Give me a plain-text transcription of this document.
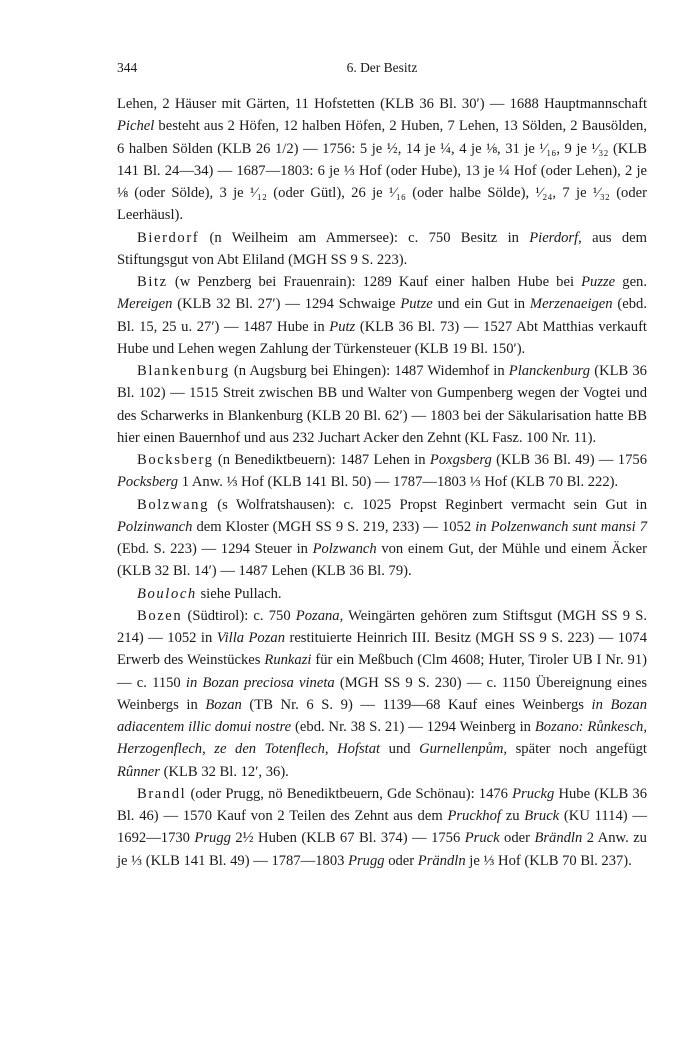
344	6. Der Besitz

Lehen, 2 Häuser mit Gärten, 11 Hofstetten (KLB 36 Bl. 30′) — 1688 Hauptmannschaft Pichel besteht aus 2 Höfen, 12 halben Höfen, 2 Huben, 7 Lehen, 13 Sölden, 2 Bausölden, 6 halben Sölden (KLB 26 1/2) — 1756: 5 je ½, 14 je ¼, 4 je ⅛, 31 je ¹⁄₁₆, 9 je ¹⁄₃₂ (KLB 141 Bl. 24—34) — 1687—1803: 6 je ⅓ Hof (oder Hube), 13 je ¼ Hof (oder Lehen), 2 je ⅛ (oder Sölde), 3 je ¹⁄₁₂ (oder Gütl), 26 je ¹⁄₁₆ (oder halbe Sölde), ¹⁄₂₄, 7 je ¹⁄₃₂ (oder Leerhäusl).

Bierdorf (n Weilheim am Ammersee): c. 750 Besitz in Pierdorf, aus dem Stiftungsgut von Abt Eliland (MGH SS 9 S. 223).

Bitz (w Penzberg bei Frauenrain): 1289 Kauf einer halben Hube bei Puzze gen. Mereigen (KLB 32 Bl. 27′) — 1294 Schwaige Putze und ein Gut in Merzenaeigen (ebd. Bl. 15, 25 u. 27′) — 1487 Hube in Putz (KLB 36 Bl. 73) — 1527 Abt Matthias verkauft Hube und Lehen wegen Zahlung der Türkensteuer (KLB 19 Bl. 150′).

Blankenburg (n Augsburg bei Ehingen): 1487 Widemhof in Planckenburg (KLB 36 Bl. 102) — 1515 Streit zwischen BB und Walter von Gumpenberg wegen der Vogtei und des Scharwerks in Blankenburg (KLB 20 Bl. 62′) — 1803 bei der Säkularisation hatte BB hier einen Bauernhof und aus 232 Juchart Acker den Zehnt (KL Fasz. 100 Nr. 11).

Bocksberg (n Benediktbeuern): 1487 Lehen in Poxgsberg (KLB 36 Bl. 49) — 1756 Pocksberg 1 Anw. ⅓ Hof (KLB 141 Bl. 50) — 1787—1803 ⅓ Hof (KLB 70 Bl. 222).

Bolzwang (s Wolfratshausen): c. 1025 Propst Reginbert vermacht sein Gut in Polzinwanch dem Kloster (MGH SS 9 S. 219, 233) — 1052 in Polzenwanch sunt mansi 7 (Ebd. S. 223) — 1294 Steuer in Polzwanch von einem Gut, der Mühle und einem Äcker (KLB 32 Bl. 14′) — 1487 Lehen (KLB 36 Bl. 79).

Bouloch siehe Pullach.

Bozen (Südtirol): c. 750 Pozana, Weingärten gehören zum Stiftsgut (MGH SS 9 S. 214) — 1052 in Villa Pozan restituierte Heinrich III. Besitz (MGH SS 9 S. 223) — 1074 Erwerb des Weinstückes Runkazi für ein Meßbuch (Clm 4608; Huter, Tiroler UB I Nr. 91) — c. 1150 in Bozan preciosa vineta (MGH SS 9 S. 230) — c. 1150 Übereignung eines Weinbergs in Bozan (TB Nr. 6 S. 9) — 1139—68 Kauf eines Weinbergs in Bozan adiacentem illic domui nostre (ebd. Nr. 38 S. 21) — 1294 Weinberg in Bozano: Růnkesch, Herzogenflech, ze den Totenflech, Hofstat und Gurnellenpům, später noch angefügt Rûnner (KLB 32 Bl. 12′, 36).

Brandl (oder Prugg, nö Benediktbeuern, Gde Schönau): 1476 Pruckg Hube (KLB 36 Bl. 46) — 1570 Kauf von 2 Teilen des Zehnt aus dem Pruckhof zu Bruck (KU 1114) — 1692—1730 Prugg 2½ Huben (KLB 67 Bl. 374) — 1756 Pruck oder Brändln 2 Anw. zu je ⅓ (KLB 141 Bl. 49) — 1787—1803 Prugg oder Prändln je ⅓ Hof (KLB 70 Bl. 237).
